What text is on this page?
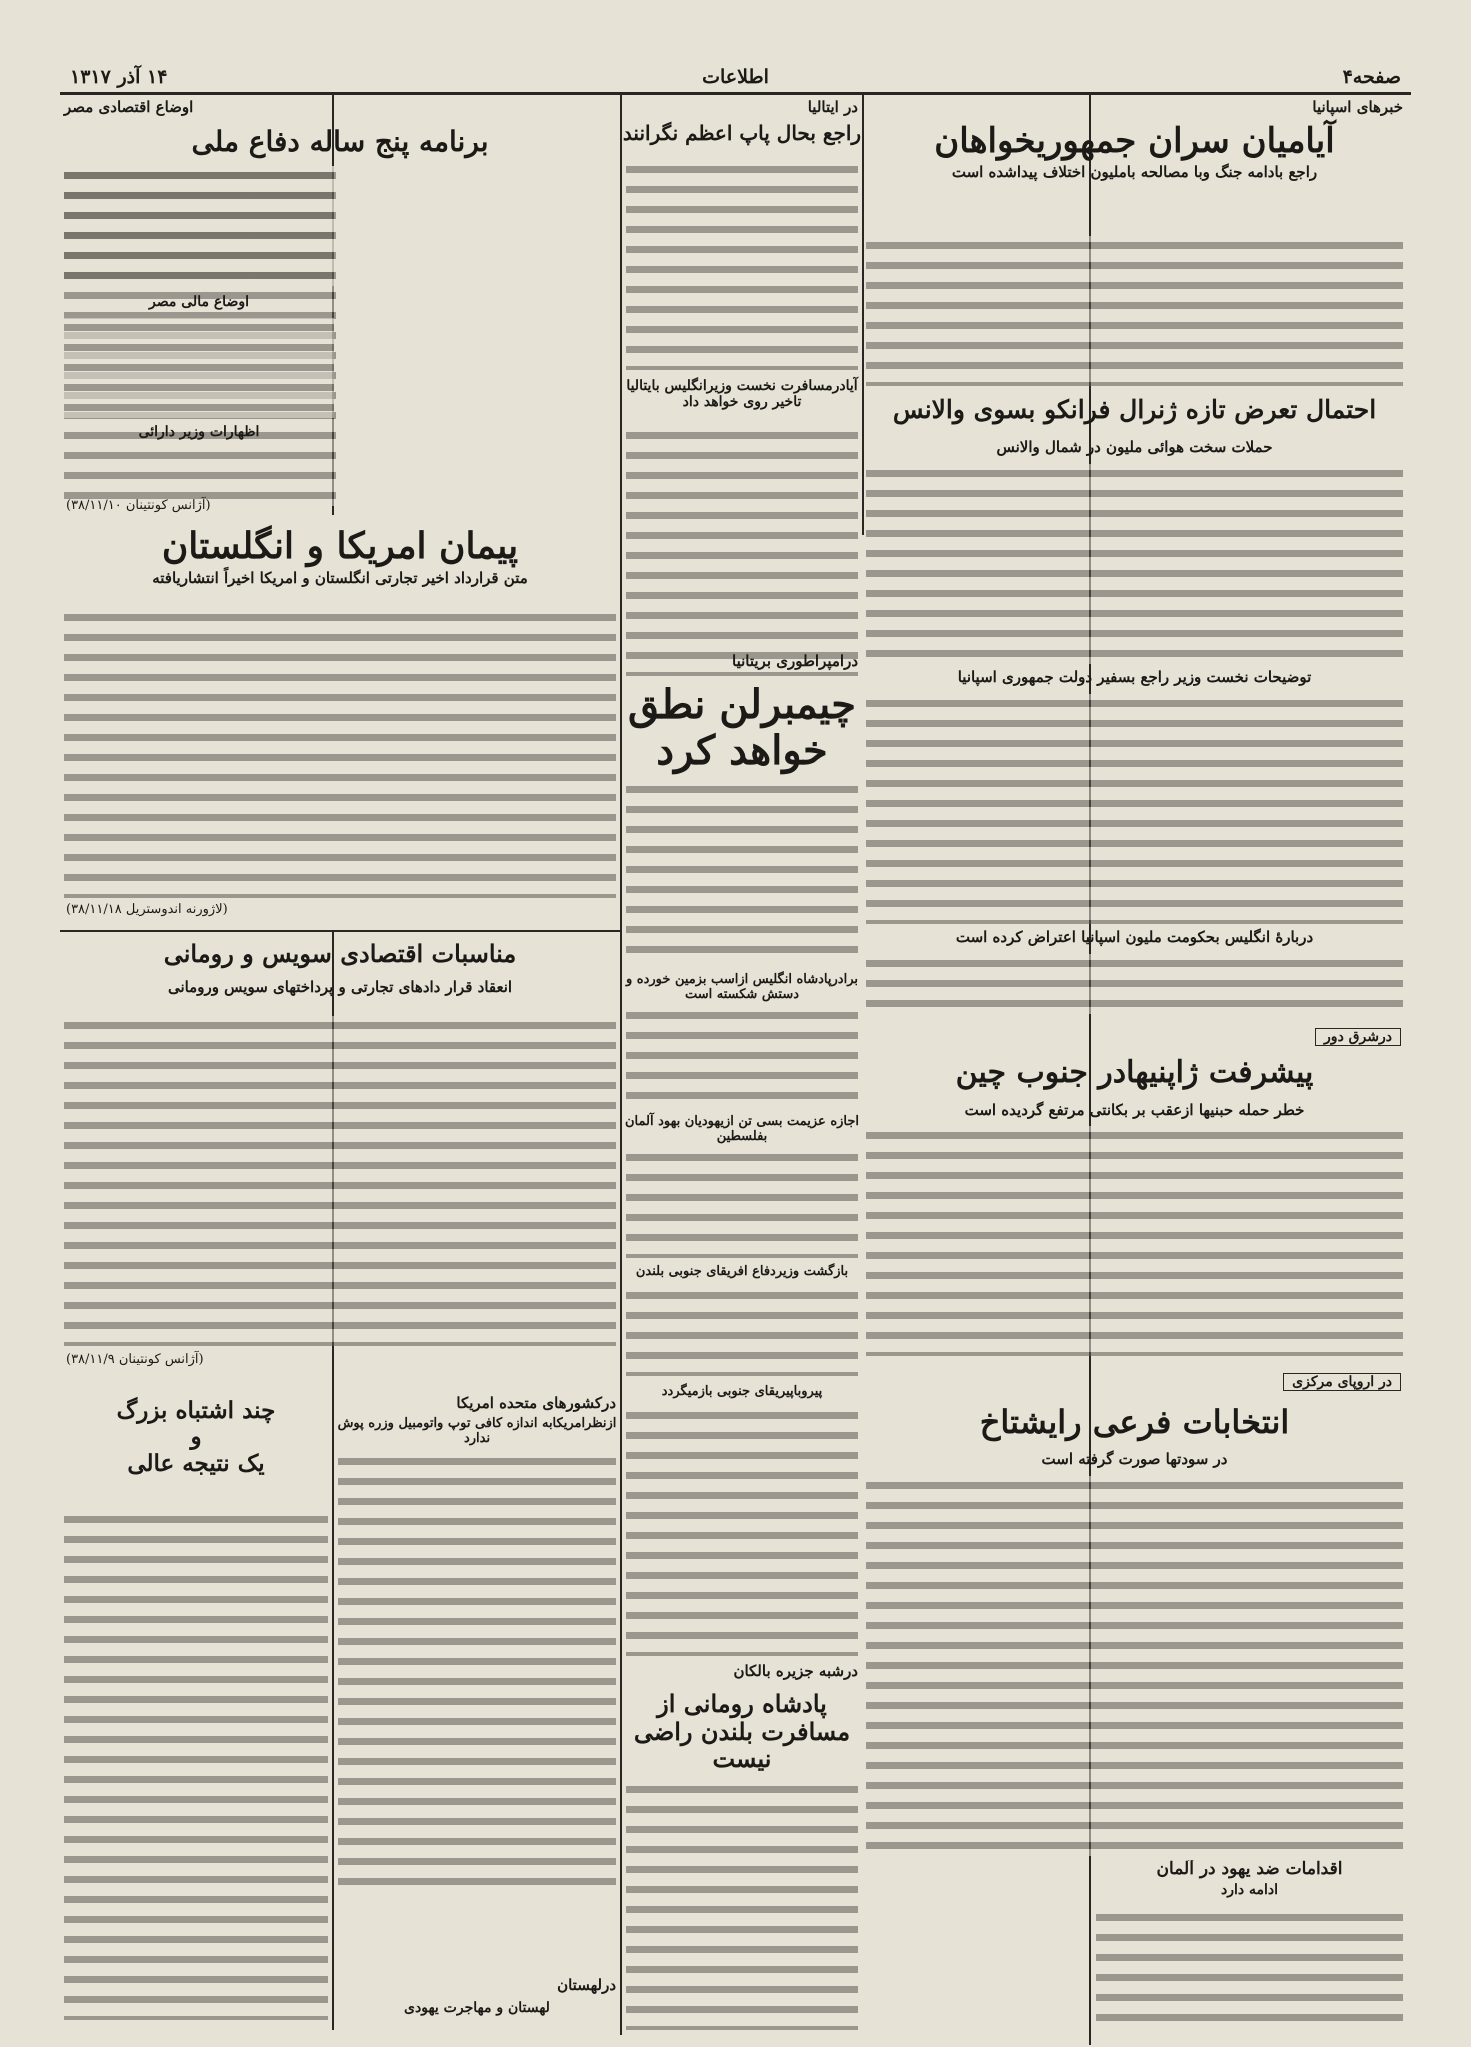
۱۴ آذر ۱۳۱۷	اطلاعات	صفحه۴
خبرهای اسپانیا
آیامیان سران جمهوریخواهان
راجع بادامه جنگ وبا مصالحه بامليون اختلاف پيداشده است
احتمال تعرض تازه ژنرال فرانکو بسوی والانس
حملات سخت هوائی ملیون در شمال والانس
توضیحات نخست وزیر راجع بسفیر دولت جمهوری اسپانیا
دربارهٔ انگلیس بحکومت ملیون اسپانیا اعتراض کرده است
درشرق دور
پیشرفت ژاپنیهادر جنوب چین
خطر حمله حبنیها ازعقب بر بکانتی مرتفع گردیده است
در اروپای مرکزی
انتخابات فرعی رایشتاخ
در سودتها صورت گرفته است
اقدامات ضد یهود در آلمان
ادامه دارد
در ایتالیا
راجع بحال پاپ اعظم نگرانند
آیادرمسافرت نخست وزیرانگلیس بایتالیا تاخیر روی خواهد داد
درامپراطوری بریتانیا
چیمبرلن نطق خواهد کرد
برادرپادشاه انگلیس ازاسب بزمین خورده و دستش شکسته است
اجازه عزیمت بسی تن ازیهودیان بهود آلمان بفلسطین
بازگشت وزیردفاع افریقای جنوبی بلندن
پیروباپیریقای جنوبی بازمیگردد
درشبه جزیره بالکان
پادشاه رومانی از مسافرت بلندن راضی نیست
اوضاع اقتصادی مصر
برنامه پنج ساله دفاع ملی
اوضاع مالی مصر
اظهارات وزیر دارائی
(آژانس کونتینان ۳۸/۱۱/۱۰)
پیمان امریکا و انگلستان
متن قرارداد اخیر تجارتی انگلستان و امریکا اخیراً انتشاریافته
(لاژورنه اندوستریل ۳۸/۱۱/۱۸)
مناسبات اقتصادی سویس و رومانی
انعقاد قرار دادهای تجارتی و پرداختهای سویس ورومانی
(آژانس کونتینان ۳۸/۱۱/۹)
چند اشتباه بزرگ
و
یک نتیجه عالی
درکشورهای متحده امریکا
ازنظرامریکابه اندازه کافی توپ واتومبیل وزره پوش ندارد
درلهستان
لهستان و مهاجرت یهودی
